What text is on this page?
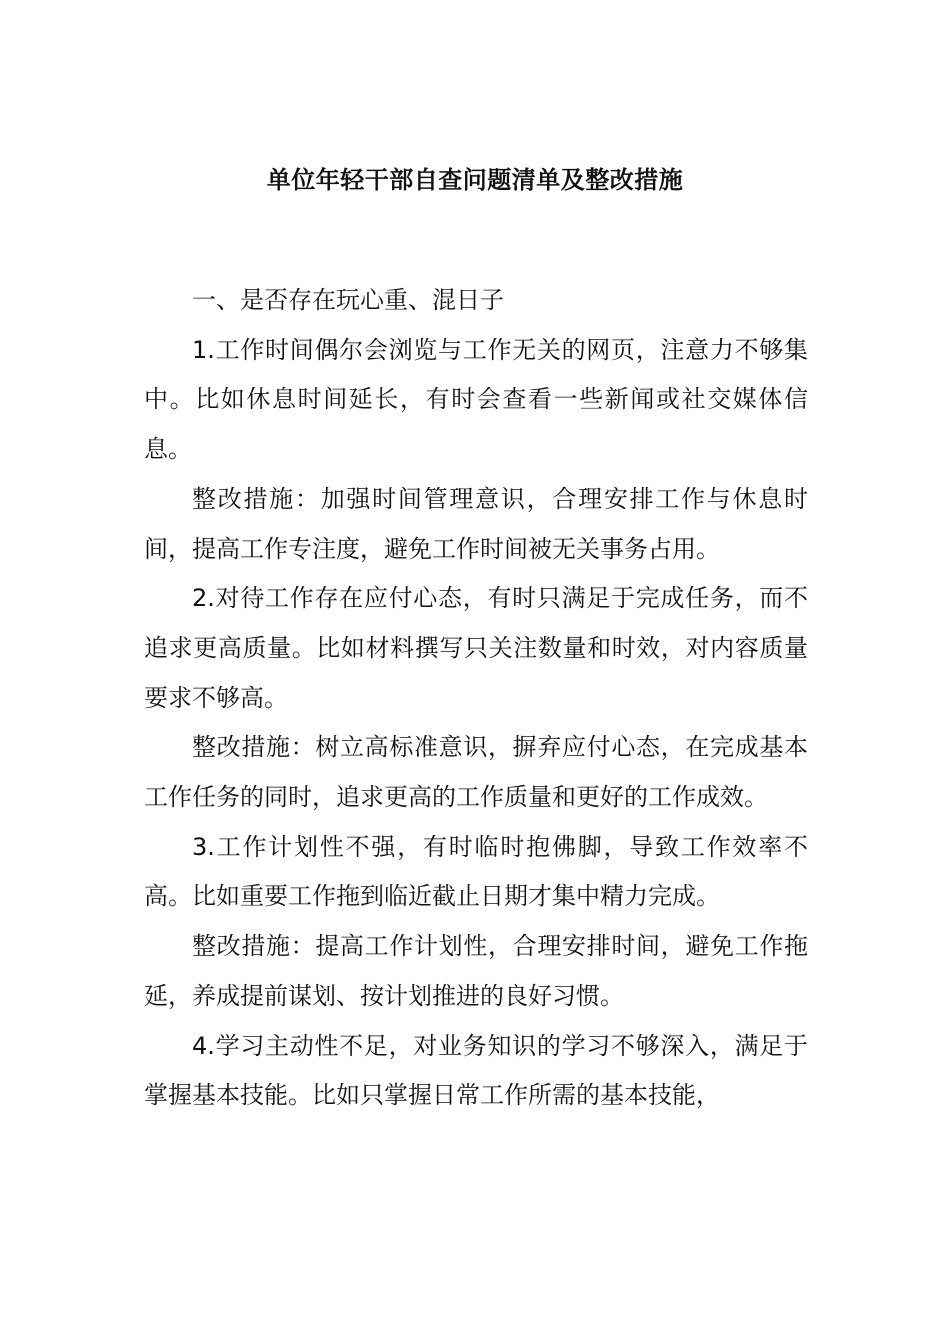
单位年轻干部自查问题清单及整改措施

一、是否存在玩心重、混日子

1.工作时间偶尔会浏览与工作无关的网页，注意力不够集中。比如休息时间延长，有时会查看一些新闻或社交媒体信息。

整改措施：加强时间管理意识，合理安排工作与休息时间，提高工作专注度，避免工作时间被无关事务占用。

2.对待工作存在应付心态，有时只满足于完成任务，而不追求更高质量。比如材料撰写只关注数量和时效，对内容质量要求不够高。

整改措施：树立高标准意识，摒弃应付心态，在完成基本工作任务的同时，追求更高的工作质量和更好的工作成效。

3.工作计划性不强，有时临时抱佛脚，导致工作效率不高。比如重要工作拖到临近截止日期才集中精力完成。

整改措施：提高工作计划性，合理安排时间，避免工作拖延，养成提前谋划、按计划推进的良好习惯。

4.学习主动性不足，对业务知识的学习不够深入，满足于掌握基本技能。比如只掌握日常工作所需的基本技能，
